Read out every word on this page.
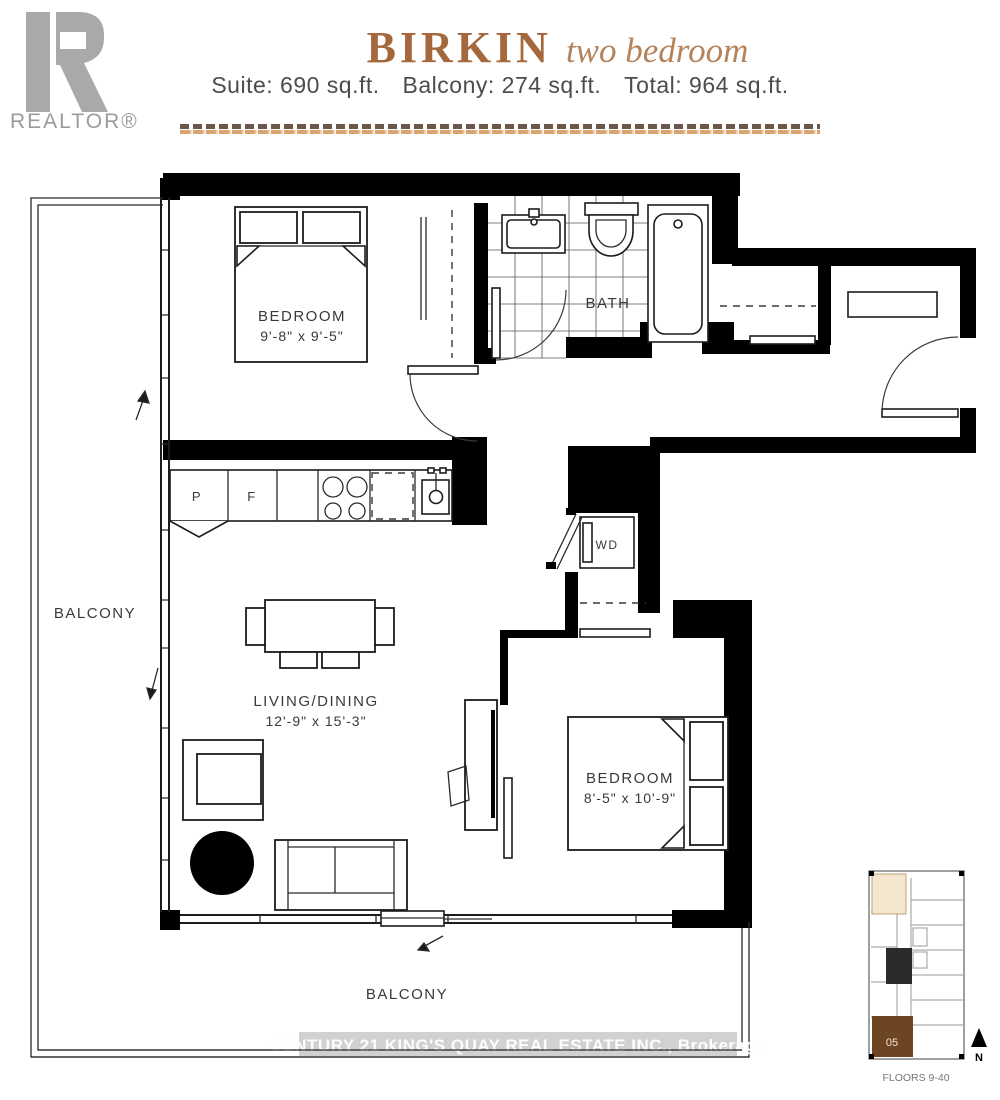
REALTOR®
BIRKIN two bedroom
Suite: 690 sq.ft. Balcony: 274 sq.ft. Total: 964 sq.ft.
BEDROOM
9'-8" x 9'-5"
BATH
WD
P	F
LIVING/DINING
12'-9" x 15'-3"
BEDROOM
8'-5" x 10'-9"
BALCONY
BALCONY
CENTURY 21 KING'S QUAY REAL ESTATE INC., Brokerage	05
FLOORS 9-40
N
